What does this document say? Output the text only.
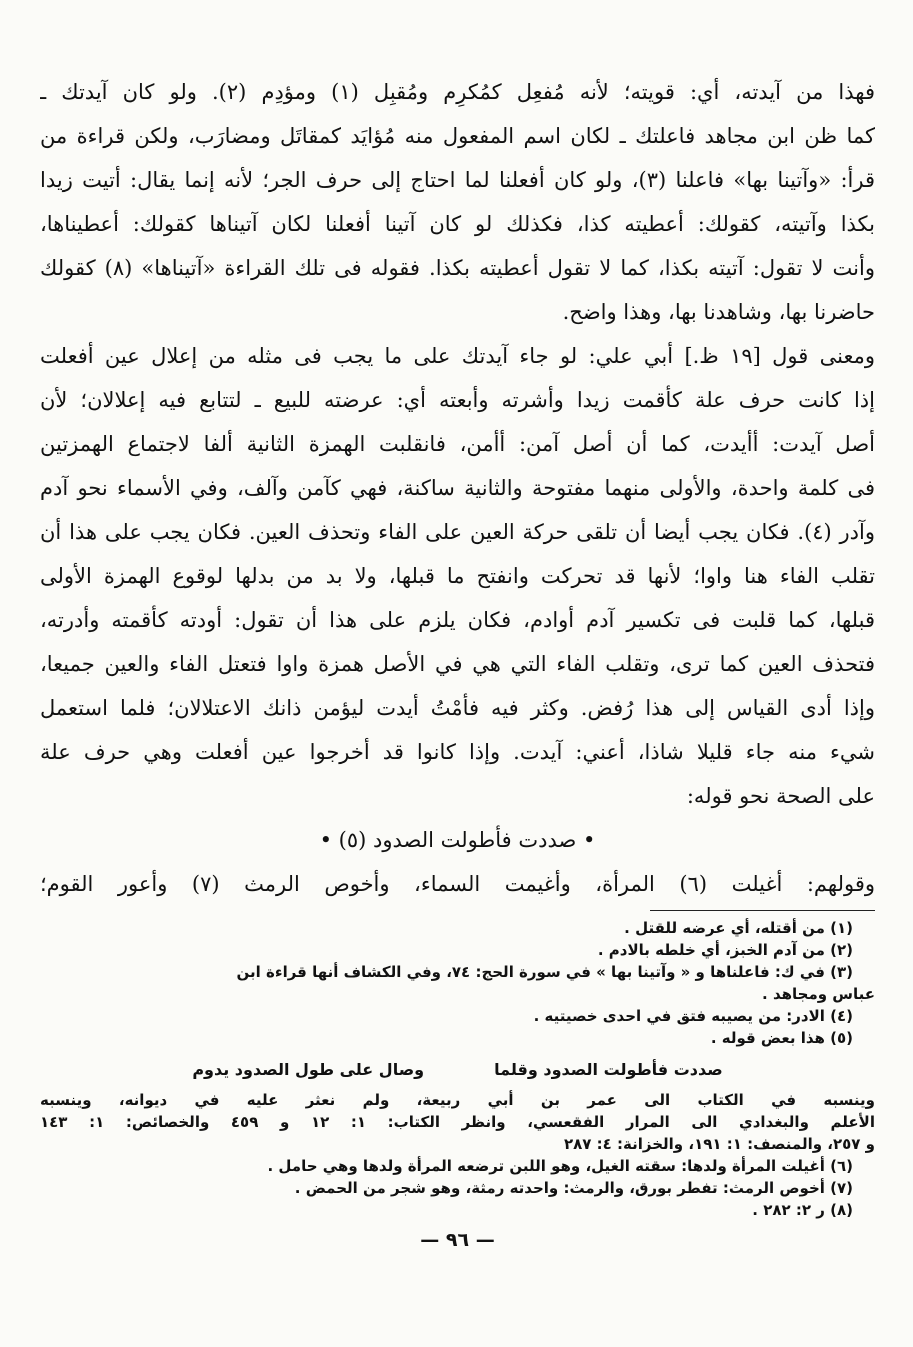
فهذا من آيدته، أي: قويته؛ لأنه مُفعِل كمُكرِم ومُقبِل (١) ومؤدِم (٢). ولو كان آيدتك ـ
كما ظن ابن مجاهد فاعلتك ـ لكان اسم المفعول منه مُؤايَد كمقاتَل ومضارَب، ولكن قراءة من
قرأ: «وآتينا بها» فاعلنا (٣)، ولو كان أفعلنا لما احتاج إلى حرف الجر؛ لأنه إنما يقال: أتيت زيدا
بكذا وآتيته، كقولك: أعطيته كذا، فكذلك لو كان آتينا أفعلنا لكان آتيناها كقولك: أعطيناها،
وأنت لا تقول: آتيته بكذا، كما لا تقول أعطيته بكذا. فقوله فى تلك القراءة «آتيناها» (٨) كقولك
حاضرنا بها، وشاهدنا بها، وهذا واضح.
ومعنى قول [١٩ ظ.] أبي علي: لو جاء آيدتك على ما يجب فى مثله من إعلال عين أفعلت
إذا كانت حرف علة كأقمت زيدا وأشرته وأبعته أي: عرضته للبيع ـ لتتابع فيه إعلالان؛ لأن
أصل آيدت: أأيدت، كما أن أصل آمن: أأمن، فانقلبت الهمزة الثانية ألفا لاجتماع الهمزتين
فى كلمة واحدة، والأولى منهما مفتوحة والثانية ساكنة، فهي كآمن وآلف، وفي الأسماء نحو آدم
وآدر (٤). فكان يجب أيضا أن تلقى حركة العين على الفاء وتحذف العين. فكان يجب على هذا أن
تقلب الفاء هنا واوا؛ لأنها قد تحركت وانفتح ما قبلها، ولا بد من بدلها لوقوع الهمزة الأولى
قبلها، كما قلبت فى تكسير آدم أوادم، فكان يلزم على هذا أن تقول: أودته كأقمته وأدرته،
فتحذف العين كما ترى، وتقلب الفاء التي هي في الأصل همزة واوا فتعتل الفاء والعين جميعا،
وإذا أدى القياس إلى هذا رُفض. وكثر فيه فأمْتُ أيدت ليؤمن ذانك الاعتلالان؛ فلما استعمل
شيء منه جاء قليلا شاذا، أعني: آيدت. وإذا كانوا قد أخرجوا عين أفعلت وهي حرف علة
على الصحة نحو قوله:
• صددت فأطولت الصدود (٥) •
وقولهم: أغيلت (٦) المرأة، وأغيمت السماء، وأخوص الرمث (٧) وأعور القوم؛
(١) من أقتله، أي عرضه للقتل .
(٢) من آدم الخبز، أي خلطه بالادم .
(٣) في ك: فاعلناها و « وآتينا بها » في سورة الحج: ٧٤، وفي الكشاف أنها قراءة ابن
عباس ومجاهد .
(٤) الادر: من يصيبه فتق في احدى خصيتيه .
(٥) هذا بعض قوله .
صددت فأطولت الصدود وقلما
وصال على طول الصدود يدوم
وينسبه في الكتاب الى عمر بن أبي ربيعة، ولم نعثر عليه في ديوانه، وينسبه
الأعلم والبغدادي الى المرار الفقعسي، وانظر الكتاب: ١: ١٢ و ٤٥٩ والخصائص: ١: ١٤٣
و ٢٥٧، والمنصف: ١: ١٩١، والخزانة: ٤: ٢٨٧
(٦) أغيلت المرأة ولدها: سقته الغيل، وهو اللبن ترضعه المرأة ولدها وهي حامل .
(٧) أخوص الرمث: تفطر بورق، والرمث: واحدته رمثة، وهو شجر من الحمض .
(٨) ر ٢: ٢٨٢ .
— ٩٦ —
